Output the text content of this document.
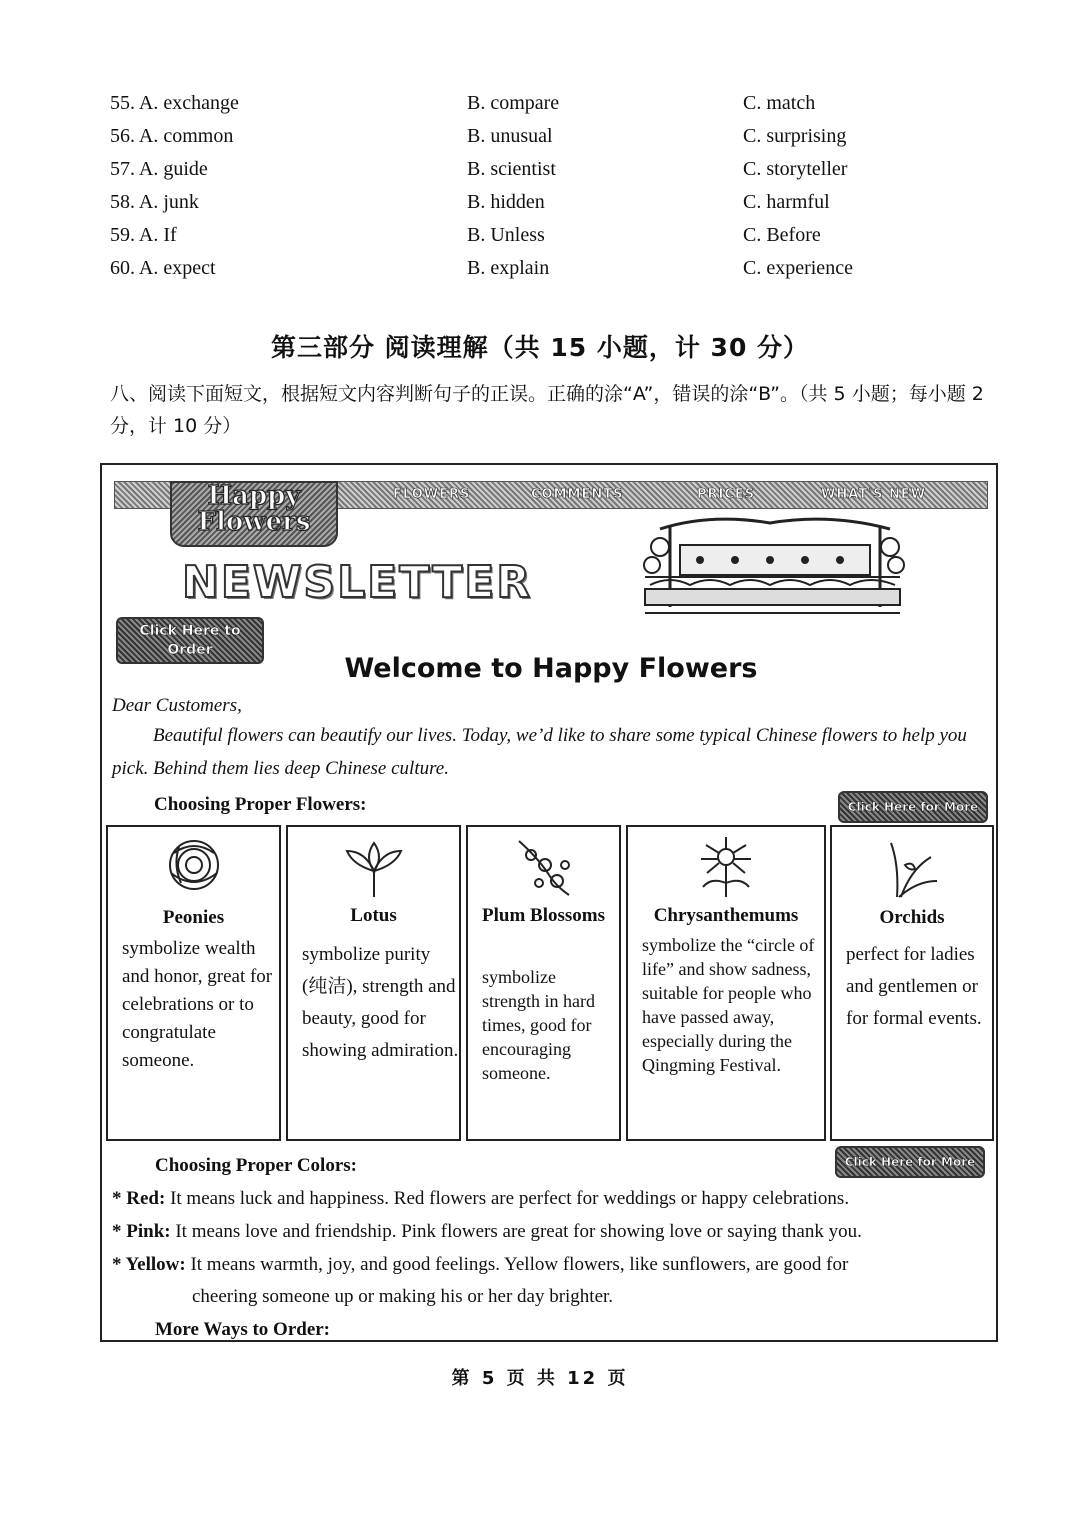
55. A. exchange	B. compare	C. match
56. A. common	B. unusual	C. surprising
57. A. guide	B. scientist	C. storyteller
58. A. junk	B. hidden	C. harmful
59. A. If	B. Unless	C. Before
60. A. expect	B. explain	C. experience
第三部分 阅读理解（共 15 小题，计 30 分）
八、阅读下面短文，根据短文内容判断句子的正误。正确的涂“A”，错误的涂“B”。（共 5 小题；每小题 2 分，计 10 分）
FLOWERS	COMMENTS	PRICES	WHAT'S NEW
Happy
Flowers
NEWSLETTER
Click Here to Order
Welcome to Happy Flowers
Dear Customers,
Beautiful flowers can beautify our lives. Today, we’d like to share some typical Chinese flowers to help you pick. Behind them lies deep Chinese culture.
Choosing Proper Flowers:	Click Here for More
Peonies
symbolize wealth and honor, great for celebrations or to congratulate someone.
Lotus
symbolize purity (纯洁), strength and beauty, good for showing admiration.
Plum Blossoms
symbolize strength in hard times, good for encouraging someone.
Chrysanthemums
symbolize the “circle of life” and show sadness, suitable for people who have passed away, especially during the Qingming Festival.
Orchids
perfect for ladies and gentlemen or for formal events.
Choosing Proper Colors:	Click Here for More
* Red: It means luck and happiness. Red flowers are perfect for weddings or happy celebrations.
* Pink: It means love and friendship. Pink flowers are great for showing love or saying thank you.
* Yellow: It means warmth, joy, and good feelings. Yellow flowers, like sunflowers, are good for
cheering someone up or making his or her day brighter.
More Ways to Order:
第 5 页 共 12 页
